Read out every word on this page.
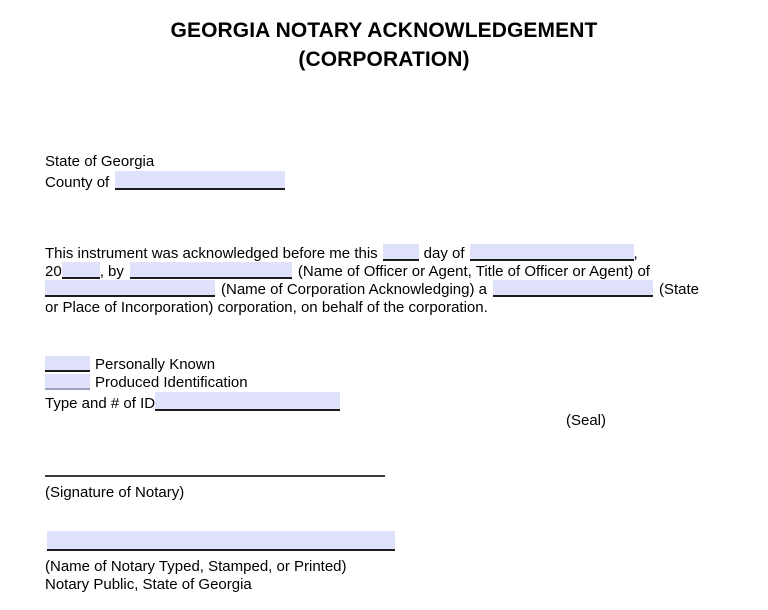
GEORGIA NOTARY ACKNOWLEDGEMENT
(CORPORATION)
State of Georgia
County of
This instrument was acknowledged before me this	day of	,
20	, by	(Name of Officer or Agent, Title of Officer or Agent) of
(Name of Corporation Acknowledging) a	(State
or Place of Incorporation) corporation, on behalf of the corporation.
Personally Known
Produced Identification
Type and # of ID
(Seal)
(Signature of Notary)
(Name of Notary Typed, Stamped, or Printed)
Notary Public, State of Georgia
